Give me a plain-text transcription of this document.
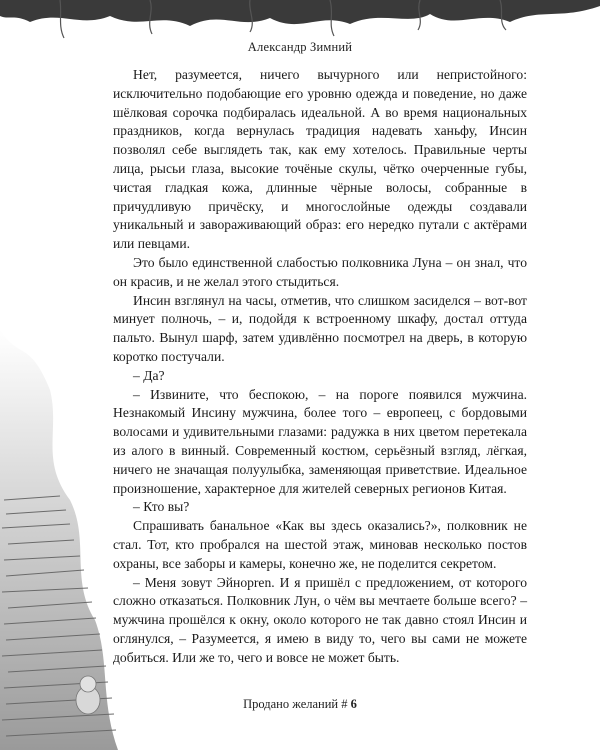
Александр Зимний

Нет, разумеется, ничего вычурного или непристойного: исключительно подобающие его уровню одежда и поведение, но даже шёлковая сорочка подбиралась идеальной. А во время национальных праздников, когда вернулась традиция надевать ханьфу, Инсин позволял себе выглядеть так, как ему хотелось. Правильные черты лица, рысьи глаза, высокие точёные скулы, чётко очерченные губы, чистая гладкая кожа, длинные чёрные волосы, собранные в причудливую причёску, и многослойные одежды создавали уникальный и завораживающий образ: его нередко путали с актёрами или певцами.

Это было единственной слабостью полковника Луна – он знал, что он красив, и не желал этого стыдиться.

Инсин взглянул на часы, отметив, что слишком засиделся – вот-вот минует полночь, – и, подойдя к встроенному шкафу, достал оттуда пальто. Вынул шарф, затем удивлённо посмотрел на дверь, в которую коротко постучали.

– Да?

– Извините, что беспокою, – на пороге появился мужчина. Незнакомый Инсину мужчина, более того – европеец, с бордовыми волосами и удивительными глазами: радужка в них цветом перетекала из алого в винный. Современный костюм, серьёзный взгляд, лёгкая, ничего не значащая полуулыбка, заменяющая приветствие. Идеальное произношение, характерное для жителей северных регионов Китая.

– Кто вы?

Спрашивать банальное «Как вы здесь оказались?», полковник не стал. Тот, кто пробрался на шестой этаж, миновав несколько постов охраны, все заборы и камеры, конечно же, не поделится секретом.

– Меня зовут Эйнорren. И я пришёл с предложением, от которого сложно отказаться. Полковник Лун, о чём вы мечтаете больше всего? – мужчина прошёлся к окну, около которого не так давно стоял Инсин и оглянулся, – Разумеется, я имею в виду то, чего вы сами не можете добиться. Или же то, чего и вовсе не может быть.

Продано желаний # 6
